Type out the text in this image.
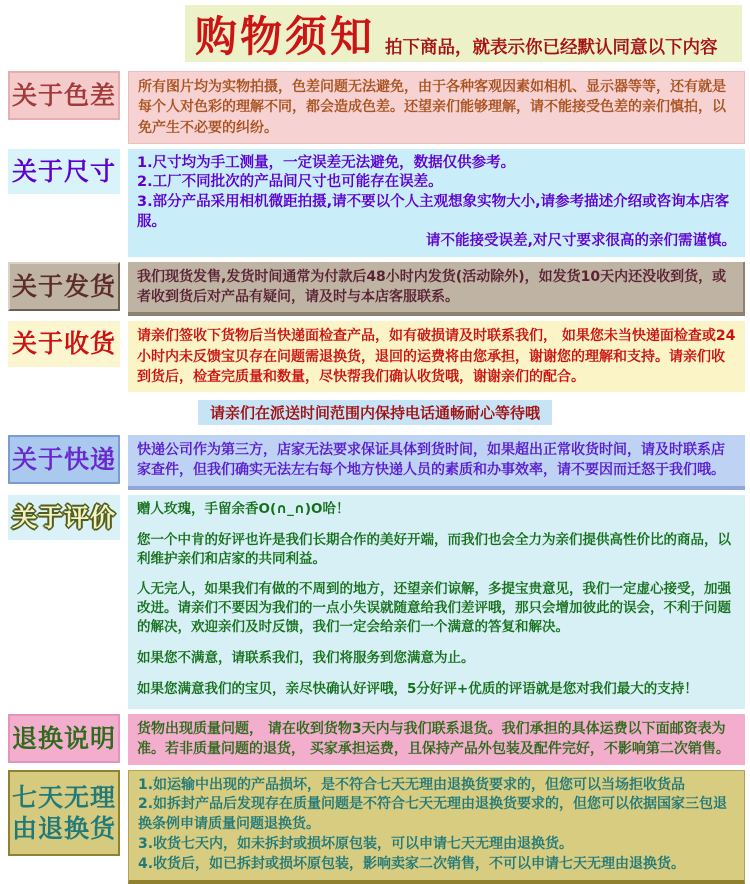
购物须知 拍下商品，就表示你已经默认同意以下内容
关于色差 所有图片均为实物拍摄，色差问题无法避免，由于各种客观因素如相机、显示器等等，还有就是每个人对色彩的理解不同，都会造成色差。还望亲们能够理解，请不能接受色差的亲们慎拍，以免产生不必要的纠纷。

关于尺寸 1.尺寸均为手工测量，一定误差无法避免，数据仅供参考。

2.工厂不同批次的产品间尺寸也可能存在误差。

3.部分产品采用相机微距拍摄,请不要以个人主观想象实物大小,请参考描述介绍或咨询本店客服。

请不能接受误差,对尺寸要求很高的亲们需谨慎。

关于发货 我们现货发售,发货时间通常为付款后48小时内发货(活动除外)，如发货10天内还没收到货，或者收到货后对产品有疑问，请及时与本店客服联系。

关于收货 请亲们签收下货物后当快递面检查产品，如有破损请及时联系我们， 如果您未当快递面检查或24小时内未反馈宝贝存在问题需退换货，退回的运费将由您承担，谢谢您的理解和支持。请亲们收到货后，检查完质量和数量，尽快帮我们确认收货哦，谢谢亲们的配合。

请亲们在派送时间范围内保持电话通畅耐心等待哦
关于快递 快递公司作为第三方，店家无法要求保证具体到货时间，如果超出正常收货时间，请及时联系店家查件，但我们确实无法左右每个地方快递人员的素质和办事效率，请不要因而迁怒于我们哦。

关于评价 赠人玫瑰，手留余香O(∩_∩)O哈！

您一个中肯的好评也许是我们长期合作的美好开端，而我们也会全力为亲们提供高性价比的商品，以利维护亲们和店家的共同利益。

人无完人，如果我们有做的不周到的地方，还望亲们谅解，多提宝贵意见，我们一定虚心接受，加强改进。请亲们不要因为我们的一点小失误就随意给我们差评哦，那只会增加彼此的误会，不利于问题的解决，欢迎亲们及时反馈，我们一定会给亲们一个满意的答复和解决。

如果您不满意，请联系我们，我们将服务到您满意为止。

如果您满意我们的宝贝，亲尽快确认好评哦，5分好评+优质的评语就是您对我们最大的支持！

退换说明 货物出现质量问题， 请在收到货物3天内与我们联系退货。我们承担的具体运费以下面邮资表为准。若非质量问题的退货， 买家承担运费，且保持产品外包装及配件完好，不影响第二次销售。

七天无理
由退换货

1.如运输中出现的产品损坏，是不符合七天无理由退换货要求的，但您可以当场拒收货品

2.如拆封产品后发现存在质量问题是不符合七天无理由退换货要求的，但您可以依据国家三包退换条例申请质量问题退换货。

3.收货七天内，如未拆封或损坏原包装，可以申请七天无理由退换货。

4.收货后，如已拆封或损坏原包装，影响卖家二次销售，不可以申请七天无理由退换货。
